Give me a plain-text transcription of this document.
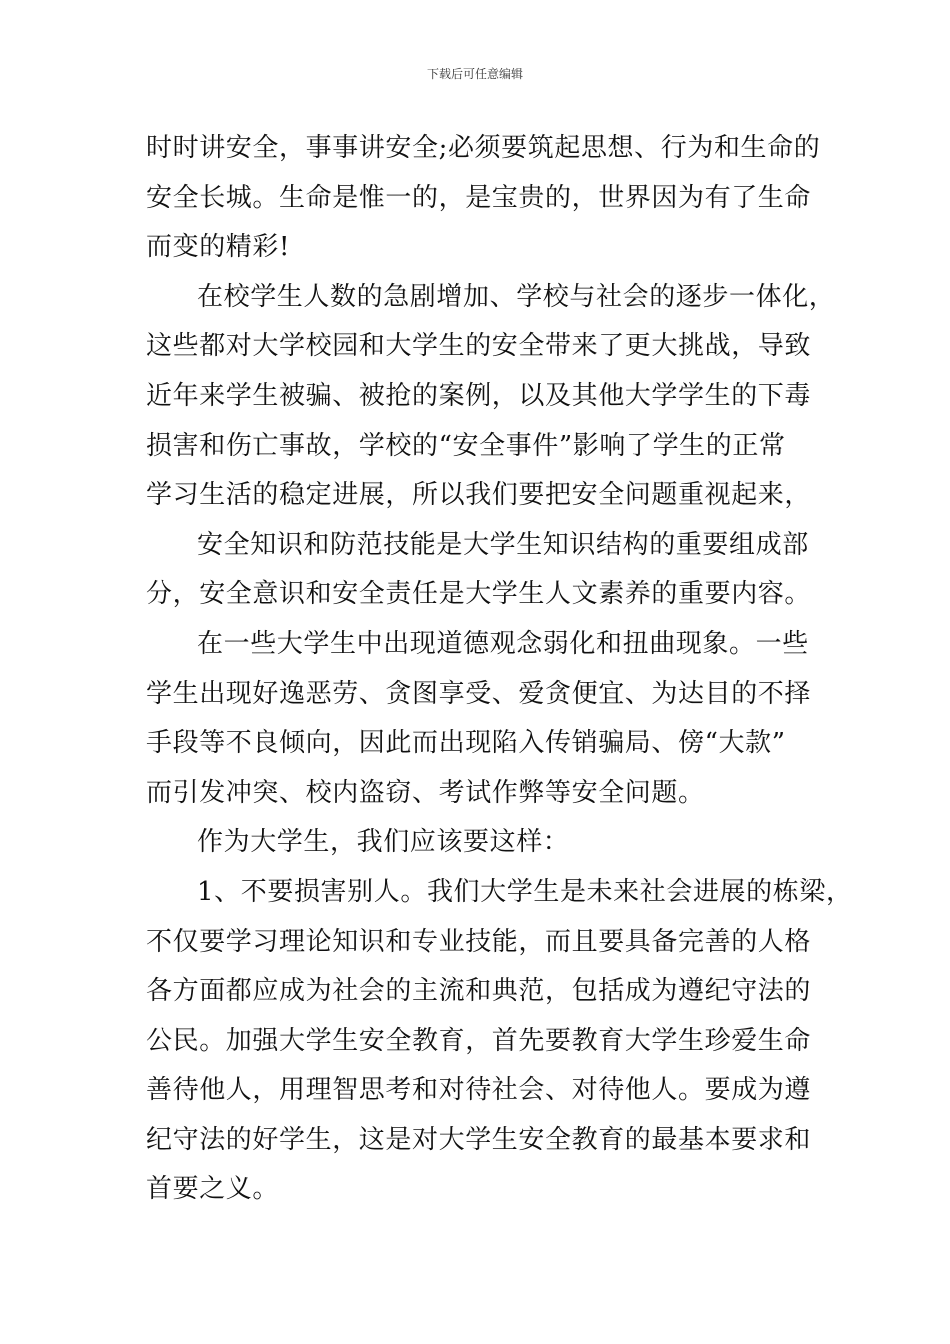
下载后可任意编辑
时时讲安全，事事讲安全;必须要筑起思想、行为和生命的
安全长城。生命是惟一的，是宝贵的，世界因为有了生命
而变的精彩!
在校学生人数的急剧增加、学校与社会的逐步一体化，
这些都对大学校园和大学生的安全带来了更大挑战，导致
近年来学生被骗、被抢的案例，以及其他大学学生的下毒
损害和伤亡事故，学校的“安全事件”影响了学生的正常
学习生活的稳定进展，所以我们要把安全问题重视起来，
安全知识和防范技能是大学生知识结构的重要组成部
分，安全意识和安全责任是大学生人文素养的重要内容。
在一些大学生中出现道德观念弱化和扭曲现象。一些
学生出现好逸恶劳、贪图享受、爱贪便宜、为达目的不择
手段等不良倾向，因此而出现陷入传销骗局、傍“大款”
而引发冲突、校内盗窃、考试作弊等安全问题。
作为大学生，我们应该要这样：
1、不要损害别人。我们大学生是未来社会进展的栋梁，
不仅要学习理论知识和专业技能，而且要具备完善的人格
各方面都应成为社会的主流和典范，包括成为遵纪守法的
公民。加强大学生安全教育，首先要教育大学生珍爱生命
善待他人，用理智思考和对待社会、对待他人。要成为遵
纪守法的好学生，这是对大学生安全教育的最基本要求和
首要之义。
